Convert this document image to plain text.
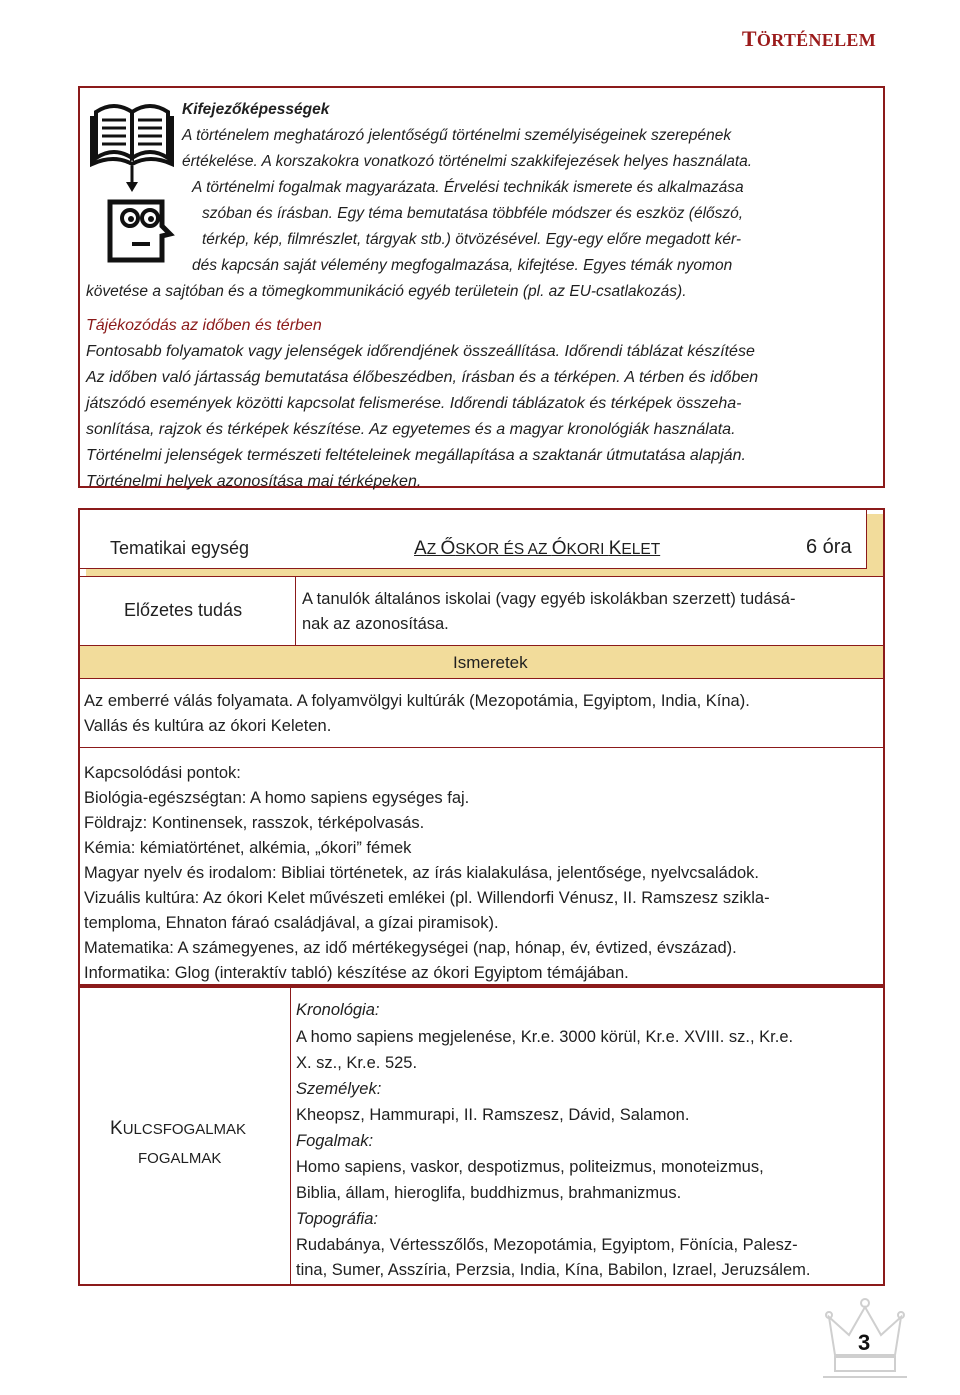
TÖRTÉNELEM
Kifejezőképességek
A történelem meghatározó jelentőségű történelmi személyiségeinek szerepének
értékelése. A korszakokra vonatkozó történelmi szakkifejezések helyes használata.
A történelmi fogalmak magyarázata. Érvelési technikák ismerete és alkalmazása
szóban és írásban. Egy téma bemutatása többféle módszer és eszköz (élőszó,
térkép, kép, filmrészlet, tárgyak stb.) ötvözésével. Egy-egy előre megadott kér-
dés kapcsán saját vélemény megfogalmazása, kifejtése. Egyes témák nyomon
követése a sajtóban és a tömegkommunikáció egyéb területein (pl. az EU-csatlakozás).
Tájékozódás az időben és térben
Fontosabb folyamatok vagy jelenségek időrendjének összeállítása. Időrendi táblázat készítése
Az időben való jártasság bemutatása élőbeszédben, írásban és a térképen. A térben és időben
játszódó események közötti kapcsolat felismerése. Időrendi táblázatok és térképek összeha-
sonlítása, rajzok és térképek készítése. Az egyetemes és a magyar kronológiák használata.
Történelmi jelenségek természeti feltételeinek megállapítása a szaktanár útmutatása alapján.
Történelmi helyek azonosítása mai térképeken.
Tematikai egység	AZ ŐSKOR ÉS AZ ÓKORI KELET	6 óra
Előzetes tudás
A tanulók általános iskolai (vagy egyéb iskolákban szerzett) tudásá-
nak az azonosítása.
Ismeretek
Az emberré válás folyamata. A folyamvölgyi kultúrák (Mezopotámia, Egyiptom, India, Kína).
Vallás és kultúra az ókori Keleten.
Kapcsolódási pontok:
Biológia-egészségtan: A homo sapiens egységes faj.
Földrajz: Kontinensek, rasszok, térképolvasás.
Kémia: kémiatörténet, alkémia, „ókori” fémek
Magyar nyelv és irodalom: Bibliai történetek, az írás kialakulása, jelentősége, nyelvcsaládok.
Vizuális kultúra: Az ókori Kelet művészeti emlékei (pl. Willendorfi Vénusz, II. Ramszesz szikla-
temploma, Ehnaton fáraó családjával, a gízai piramisok).
Matematika: A számegyenes, az idő mértékegységei (nap, hónap, év, évtized, évszázad).
Informatika: Glog (interaktív tabló) készítése az ókori Egyiptom témájában.
KULCSFOGALMAK
FOGALMAK
Kronológia:
A homo sapiens megjelenése, Kr.e. 3000 körül, Kr.e. XVIII. sz., Kr.e.
X. sz., Kr.e. 525.
Személyek:
Kheopsz, Hammurapi, II. Ramszesz, Dávid, Salamon.
Fogalmak:
Homo sapiens, vaskor, despotizmus, politeizmus, monoteizmus,
Biblia, állam, hieroglifa, buddhizmus, brahmanizmus.
Topográfia:
Rudabánya, Vértesszőlős, Mezopotámia, Egyiptom, Fönícia, Palesz-
tina, Sumer, Asszíria, Perzsia, India, Kína, Babilon, Izrael, Jeruzsálem.
3
